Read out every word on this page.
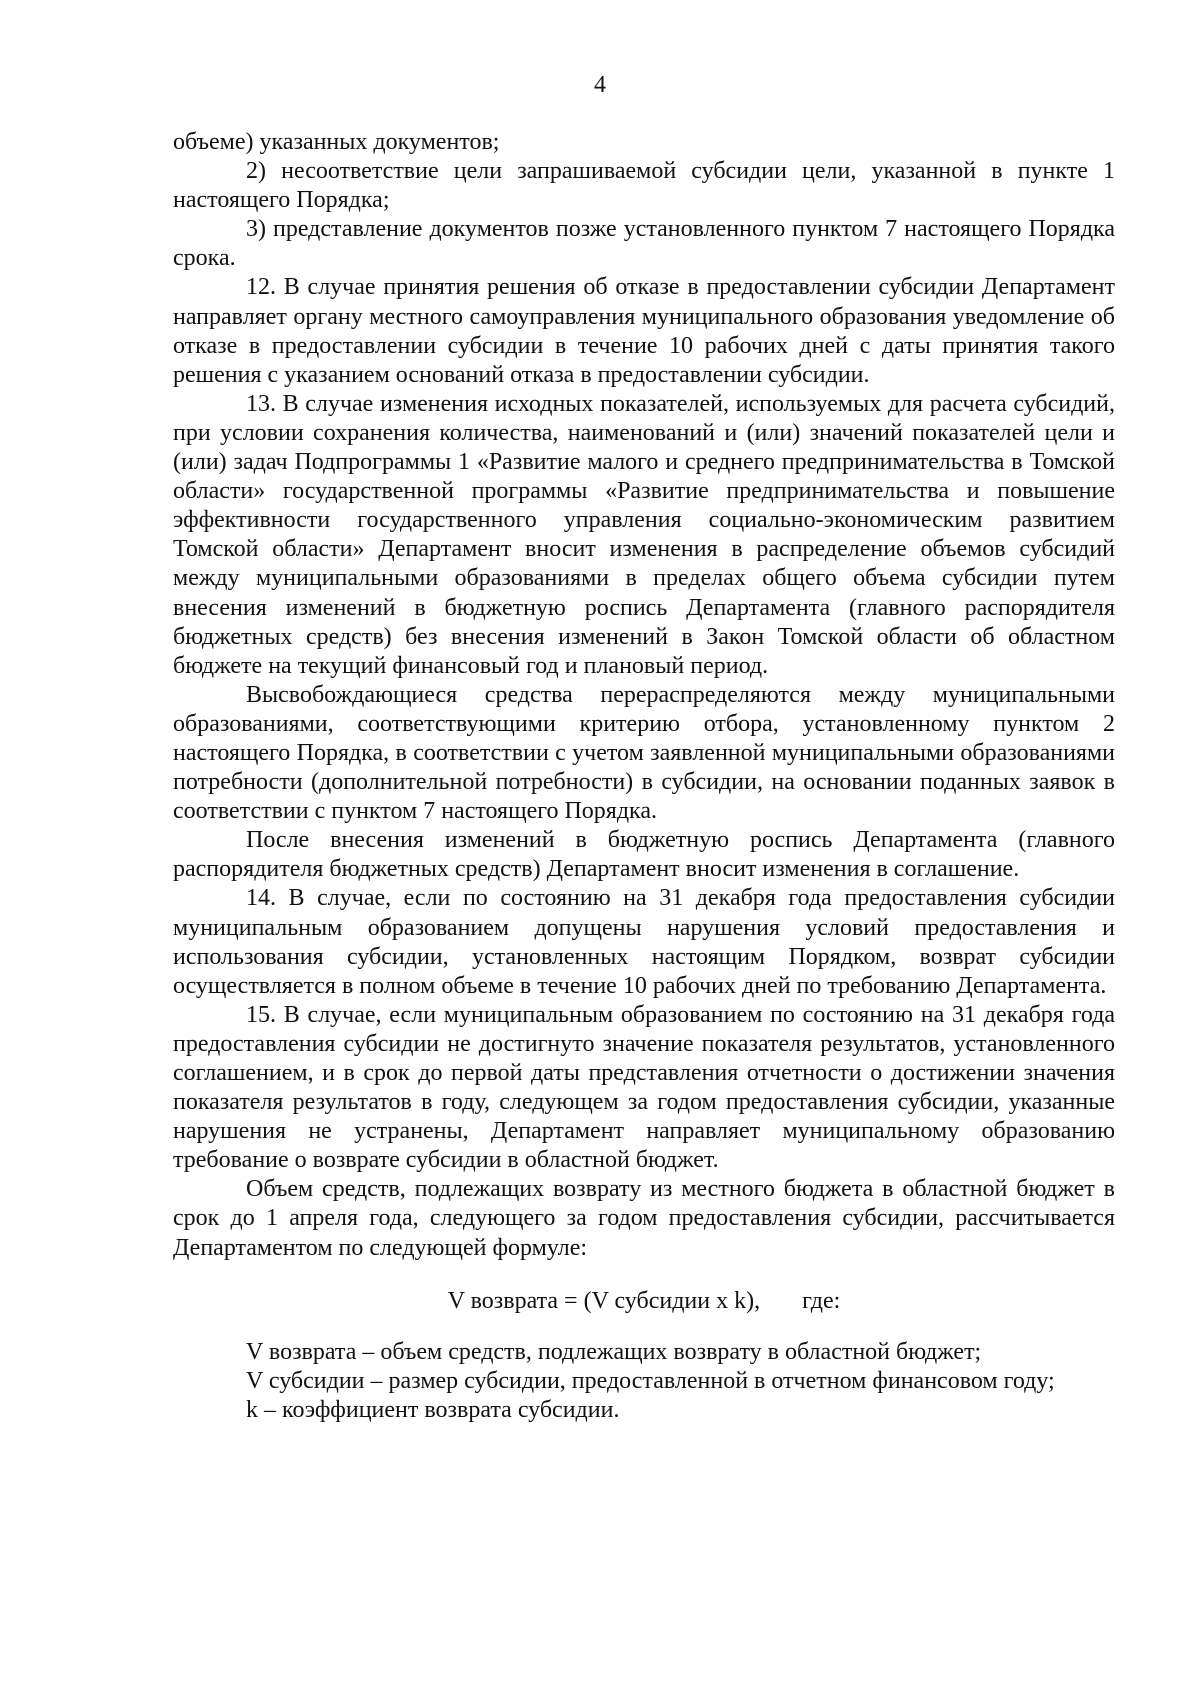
4

объеме) указанных документов;

2) несоответствие цели запрашиваемой субсидии цели, указанной в пункте 1 настоящего Порядка;

3) представление документов позже установленного пунктом 7 настоящего Порядка срока.

12. В случае принятия решения об отказе в предоставлении субсидии Департамент направляет органу местного самоуправления муниципального образования уведомление об отказе в предоставлении субсидии в течение 10 рабочих дней с даты принятия такого решения с указанием оснований отказа в предоставлении субсидии.

13. В случае изменения исходных показателей, используемых для расчета субсидий, при условии сохранения количества, наименований и (или) значений показателей цели и (или) задач Подпрограммы 1 «Развитие малого и среднего предпринимательства в Томской области» государственной программы «Развитие предпринимательства и повышение эффективности государственного управления социально-экономическим развитием Томской области» Департамент вносит изменения в распределение объемов субсидий между муниципальными образованиями в пределах общего объема субсидии путем внесения изменений в бюджетную роспись Департамента (главного распорядителя бюджетных средств) без внесения изменений в Закон Томской области об областном бюджете на текущий финансовый год и плановый период.

Высвобождающиеся средства перераспределяются между муниципальными образованиями, соответствующими критерию отбора, установленному пунктом 2 настоящего Порядка, в соответствии с учетом заявленной муниципальными образованиями потребности (дополнительной потребности) в субсидии, на основании поданных заявок в соответствии с пунктом 7 настоящего Порядка.

После внесения изменений в бюджетную роспись Департамента (главного распорядителя бюджетных средств) Департамент вносит изменения в соглашение.

14. В случае, если по состоянию на 31 декабря года предоставления субсидии муниципальным образованием допущены нарушения условий предоставления и использования субсидии, установленных настоящим Порядком, возврат субсидии осуществляется в полном объеме в течение 10 рабочих дней по требованию Департамента.

15. В случае, если муниципальным образованием по состоянию на 31 декабря года предоставления субсидии не достигнуто значение показателя результатов, установленного соглашением, и в срок до первой даты представления отчетности о достижении значения показателя результатов в году, следующем за годом предоставления субсидии, указанные нарушения не устранены, Департамент направляет муниципальному образованию требование о возврате субсидии в областной бюджет.

Объем средств, подлежащих возврату из местного бюджета в областной бюджет в срок до 1 апреля года, следующего за годом предоставления субсидии, рассчитывается Департаментом по следующей формуле:

V возврата = (V субсидии x k), где:

V возврата – объем средств, подлежащих возврату в областной бюджет;

V субсидии – размер субсидии, предоставленной в отчетном финансовом году;

k – коэффициент возврата субсидии.
